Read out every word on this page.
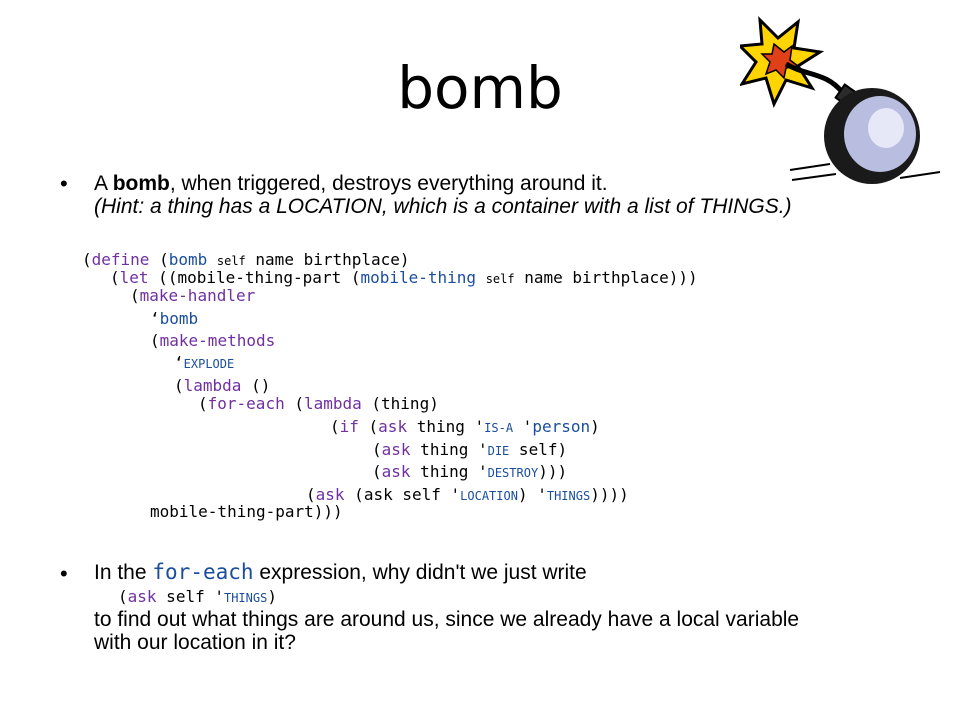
bomb
• A bomb, when triggered, destroys everything around it.
(Hint: a thing has a LOCATION, which is a container with a list of THINGS.)
(define (bomb self name birthplace)
(let ((mobile-thing-part (mobile-thing self name birthplace)))
(make-handler
‘bomb
(make-methods
‘EXPLODE
(lambda ()
(for-each (lambda (thing)
(if (ask thing 'IS-A 'person)
(ask thing 'DIE self)
(ask thing 'DESTROY)))
(ask (ask self 'LOCATION) 'THINGS))))
mobile-thing-part)))
• In the for-each expression, why didn't we just write
(ask self 'THINGS)
to find out what things are around us, since we already have a local variable
with our location in it?
